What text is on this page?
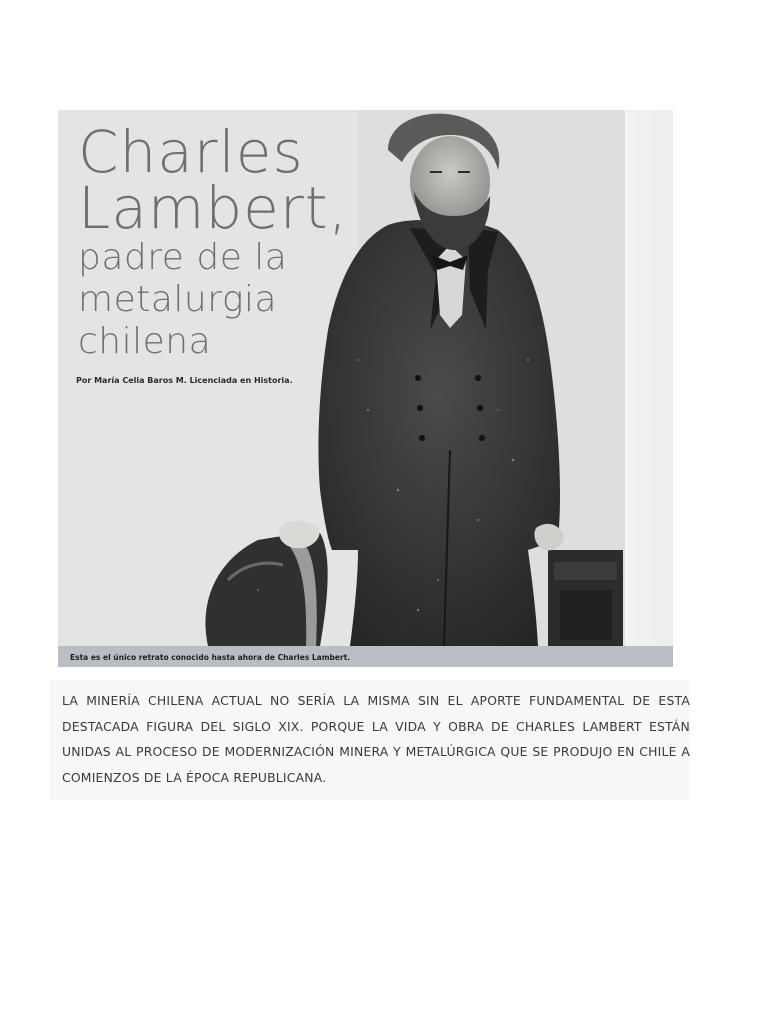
Charles
Lambert,
padre de la
metalurgia
chilena
Por María Celia Baros M. Licenciada en Historia.
Esta es el único retrato conocido hasta ahora de Charles Lambert.

LA MINERÍA CHILENA ACTUAL NO SERÍA LA MISMA SIN EL APORTE FUNDAMENTAL DE ESTA DESTACADA FIGURA DEL SIGLO XIX. PORQUE LA VIDA Y OBRA DE CHARLES LAMBERT ESTÁN UNIDAS AL PROCESO DE MODERNIZACIÓN MINERA Y METALÚRGICA QUE SE PRODUJO EN CHILE A COMIENZOS DE LA ÉPOCA REPUBLICANA.
